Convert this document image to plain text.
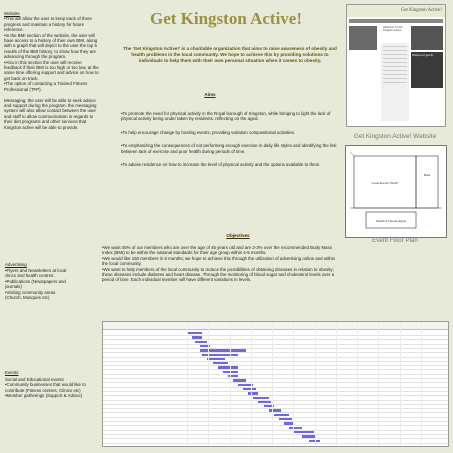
Website
•This will allow the user to keep track of there progress and maintain a history for future reference.
•In the BMI section of the website, the user will have access to a history of their own BMI, along with a graph that will depict to the user the top 5 results of the BMI history, to show how they are advancing through the program.
•Also in this section the user will receive feedback if their BMI is too high or too low, at the same time offering support and advice on how to get back on track.
•The option of contacting a Trained Fitness Professional (TFP).

Messaging; the user will be able to seek advice and support during the program. the messaging system will also allow contact between the user and staff to allow communication in regards to their diet programs and other services that Kingston active will be able to provide.
Get Kingston Active!
The 'Get Kingston Active!' is a charitable organization that aims to raise awareness of obesity and health problems in the local community. We hope to achieve this by providing solutions to individuals to help them with their own personal situation when it comes to obesity.
Aims

•To promote the need for physical activity in the Royal borough of Kingston, while bringing to light the lack of physical activity being under taken by residents, reflecting on the aged.

•To help encourage change by hosting events, providing variation compositional activities.

•To emphasizing the consequences of not performing enough exercise in daily life styles and identifying the link between lack of exercise and poor health during periods of time.

•To advise residence on how to increase the level of physical activity and the options available to them.

Objectives

•We want 45% of our members who are over the age of 45 years old and are 2-3% over the recommended Body Mass Index (BMI) to be within the national standards for their age group within 4-5 months.

•We would like 150 members in 6 months; we hope to achieve this through the utilization of advertising online and within the local community.

•We want to help members of the local community to reduce the possibilities of obtaining diseases in relation to obesity; these diseases include diabetes and heart disease. Through the monitoring of blood sugar and cholesterol levels over a period of time. Each individual member will have different variations in levels.

Get Kingston Active!
Welcome To Get Kingston Active
Shops for get fit
Get Kingston Active! Website
Local Events (Sixth)
Mats
Health & Fitness Equip
Event Floor Plan
Advertising
•Flyers and Newsletters at local clincs and health centres.
•Publications (Newspapers and journals)
•Visiting community areas (Church, Mosques etc)
Events
Social and Educational events
•Community businesses that would like to contribute (Fitness centres, Clinics etc)
•Member gatherings (Support & Advice)
